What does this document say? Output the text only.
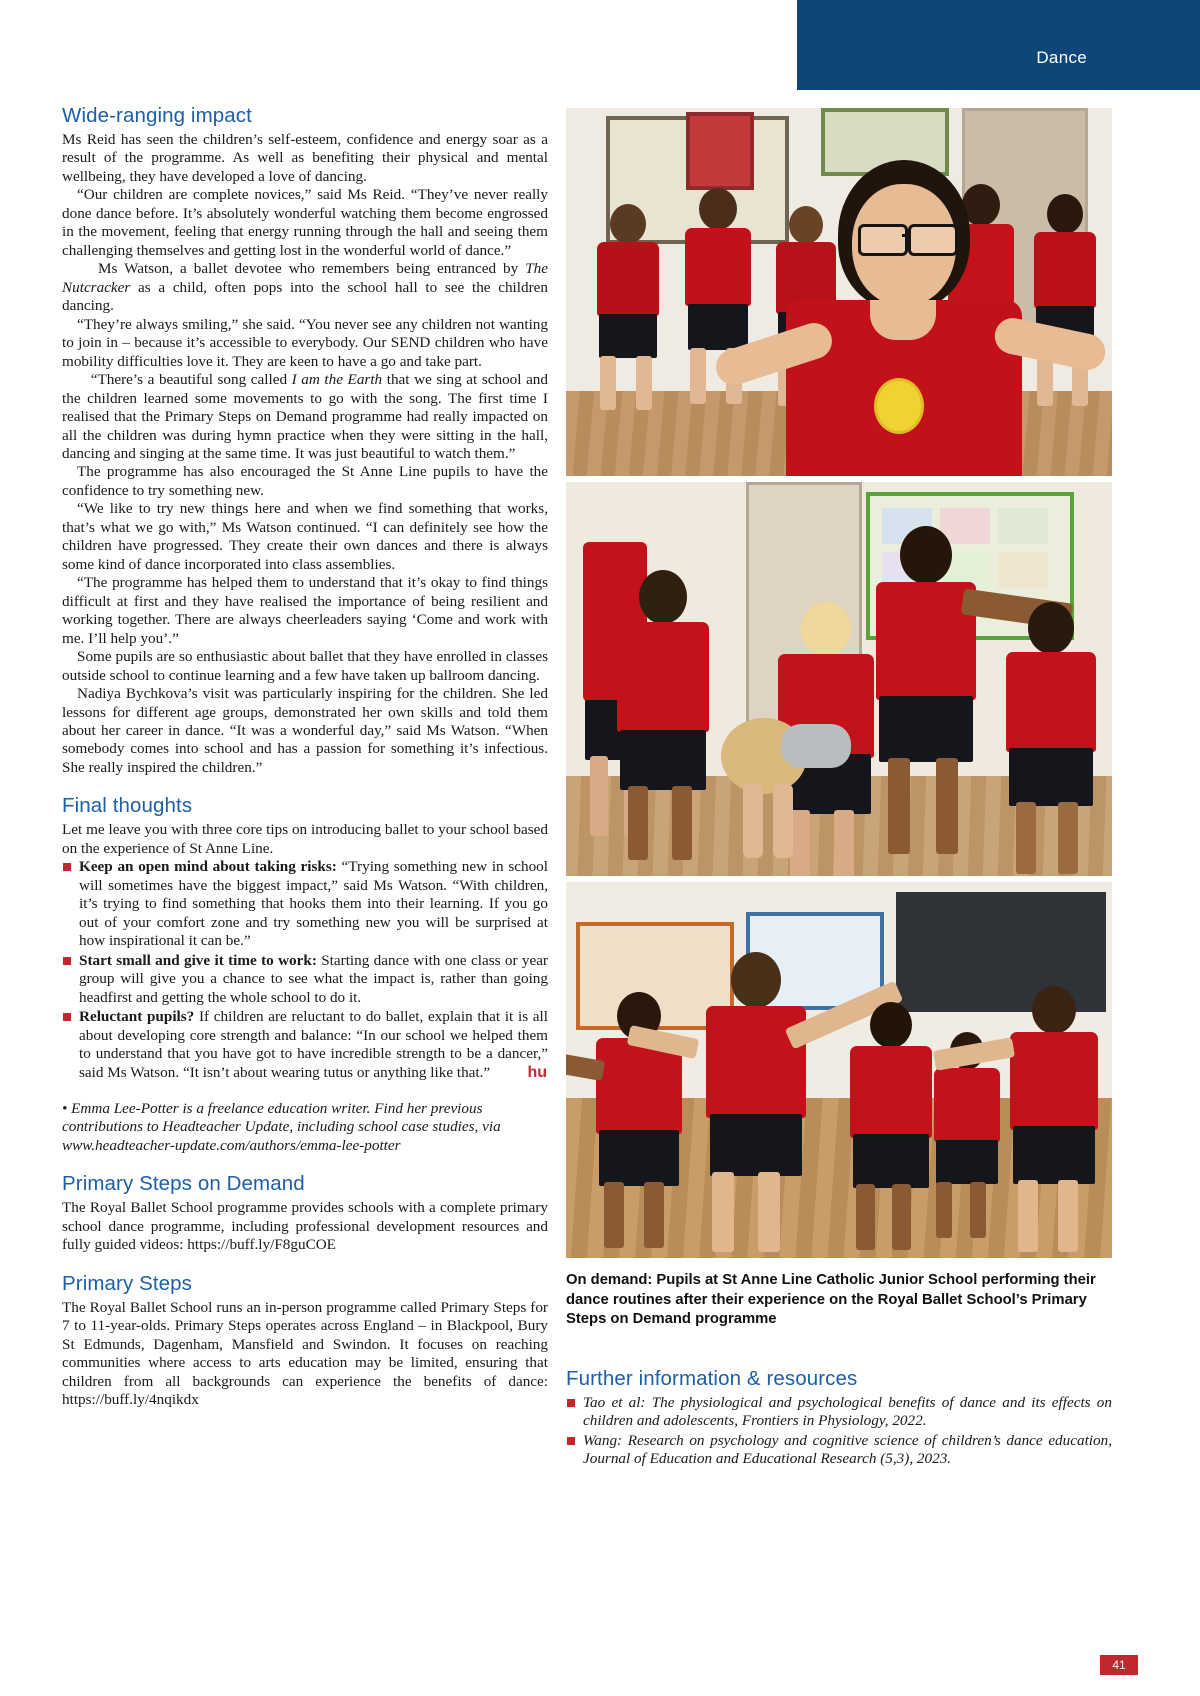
Dance
Wide-ranging impact

Ms Reid has seen the children’s self-esteem, confidence and energy soar as a result of the programme. As well as benefiting their physical and mental wellbeing, they have developed a love of dancing.

“Our children are complete novices,” said Ms Reid. “They’ve never really done dance before. It’s absolutely wonderful watching them become engrossed in the movement, feeling that energy running through the hall and seeing them challenging themselves and getting lost in the wonderful world of dance.”

Ms Watson, a ballet devotee who remembers being entranced by The Nutcracker as a child, often pops into the school hall to see the children dancing.

“They’re always smiling,” she said. “You never see any children not wanting to join in – because it’s accessible to everybody. Our SEND children who have mobility difficulties love it. They are keen to have a go and take part.

“There’s a beautiful song called I am the Earth that we sing at school and the children learned some movements to go with the song. The first time I realised that the Primary Steps on Demand programme had really impacted on all the children was during hymn practice when they were sitting in the hall, dancing and singing at the same time. It was just beautiful to watch them.”

The programme has also encouraged the St Anne Line pupils to have the confidence to try something new.

“We like to try new things here and when we find something that works, that’s what we go with,” Ms Watson continued. “I can definitely see how the children have progressed. They create their own dances and there is always some kind of dance incorporated into class assemblies.

“The programme has helped them to understand that it’s okay to find things difficult at first and they have realised the importance of being resilient and working together. There are always cheerleaders saying ‘Come and work with me. I’ll help you’.”

Some pupils are so enthusiastic about ballet that they have enrolled in classes outside school to continue learning and a few have taken up ballroom dancing.

Nadiya Bychkova’s visit was particularly inspiring for the children. She led lessons for different age groups, demonstrated her own skills and told them about her career in dance. “It was a wonderful day,” said Ms Watson. “When somebody comes into school and has a passion for something it’s infectious. She really inspired the children.”

Final thoughts

Let me leave you with three core tips on introducing ballet to your school based on the experience of St Anne Line.

Keep an open mind about taking risks: “Trying something new in school will sometimes have the biggest impact,” said Ms Watson. “With children, it’s trying to find something that hooks them into their learning. If you go out of your comfort zone and try something new you will be surprised at how inspirational it can be.”
Start small and give it time to work: Starting dance with one class or year group will give you a chance to see what the impact is, rather than going headfirst and getting the whole school to do it.
Reluctant pupils? If children are reluctant to do ballet, explain that it is all about developing core strength and balance: “In our school we helped them to understand that you have got to have incredible strength to be a dancer,” said Ms Watson. “It isn’t about wearing tutus or anything like that.” hu

• Emma Lee-Potter is a freelance education writer. Find her previous contributions to Headteacher Update, including school case studies, via www.headteacher-update.com/authors/emma-lee-potter

Primary Steps on Demand

The Royal Ballet School programme provides schools with a complete primary school dance programme, including professional development resources and fully guided videos: https://buff.ly/F8guCOE

Primary Steps

The Royal Ballet School runs an in-person programme called Primary Steps for 7 to 11-year-olds. Primary Steps operates across England – in Blackpool, Bury St Edmunds, Dagenham, Mansfield and Swindon. It focuses on reaching communities where access to arts education may be limited, ensuring that children from all backgrounds can experience the benefits of dance: https://buff.ly/4nqikdx

On demand: Pupils at St Anne Line Catholic Junior School performing their dance routines after their experience on the Royal Ballet School’s Primary Steps on Demand programme

Further information & resources
Tao et al: The physiological and psychological benefits of dance and its effects on children and adolescents, Frontiers in Physiology, 2022.
Wang: Research on psychology and cognitive science of children’s dance education, Journal of Education and Educational Research (5,3), 2023.
41
